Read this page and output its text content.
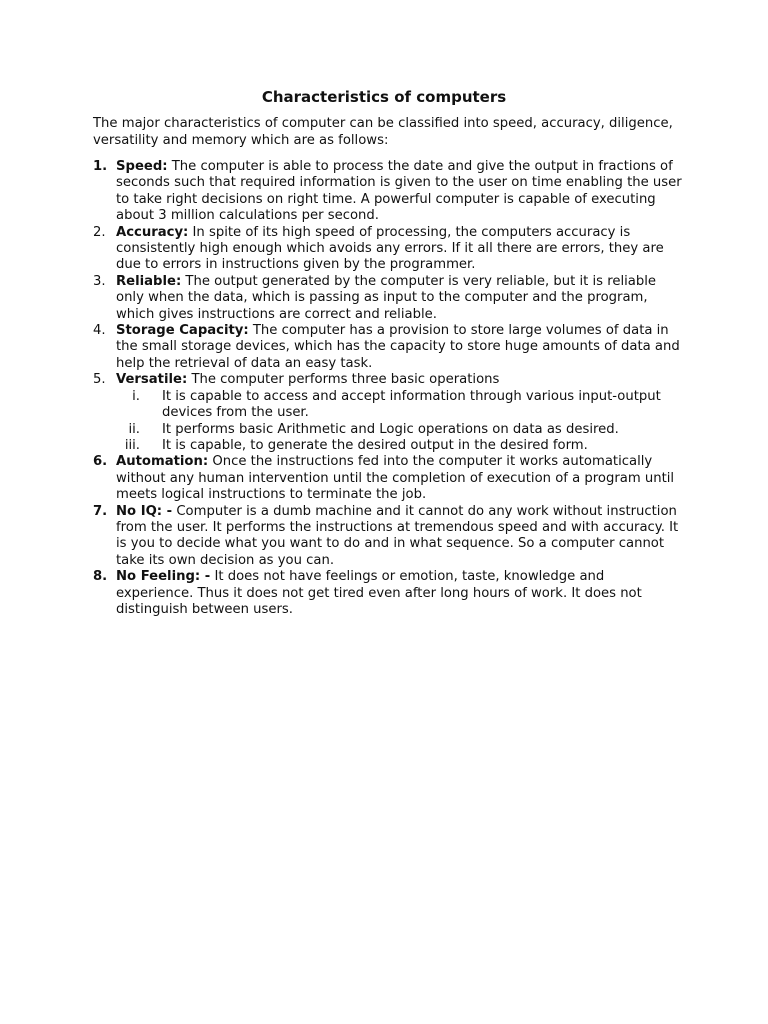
Characteristics of computers

The major characteristics of computer can be classified into speed, accuracy, diligence, versatility and memory which are as follows:

1. Speed: The computer is able to process the date and give the output in fractions of seconds such that required information is given to the user on time enabling the user to take right decisions on right time. A powerful computer is capable of executing about 3 million calculations per second.
2. Accuracy: In spite of its high speed of processing, the computers accuracy is consistently high enough which avoids any errors. If it all there are errors, they are due to errors in instructions given by the programmer.
3. Reliable: The output generated by the computer is very reliable, but it is reliable only when the data, which is passing as input to the computer and the program, which gives instructions are correct and reliable.
4. Storage Capacity: The computer has a provision to store large volumes of data in the small storage devices, which has the capacity to store huge amounts of data and help the retrieval of data an easy task.
5. Versatile: The computer performs three basic operations
i. It is capable to access and accept information through various input-output devices from the user.
ii. It performs basic Arithmetic and Logic operations on data as desired.
iii. It is capable, to generate the desired output in the desired form.
6. Automation: Once the instructions fed into the computer it works automatically without any human intervention until the completion of execution of a program until meets logical instructions to terminate the job.
7. No IQ: - Computer is a dumb machine and it cannot do any work without instruction from the user. It performs the instructions at tremendous speed and with accuracy. It is you to decide what you want to do and in what sequence. So a computer cannot take its own decision as you can.
8. No Feeling: - It does not have feelings or emotion, taste, knowledge and experience. Thus it does not get tired even after long hours of work. It does not distinguish between users.
